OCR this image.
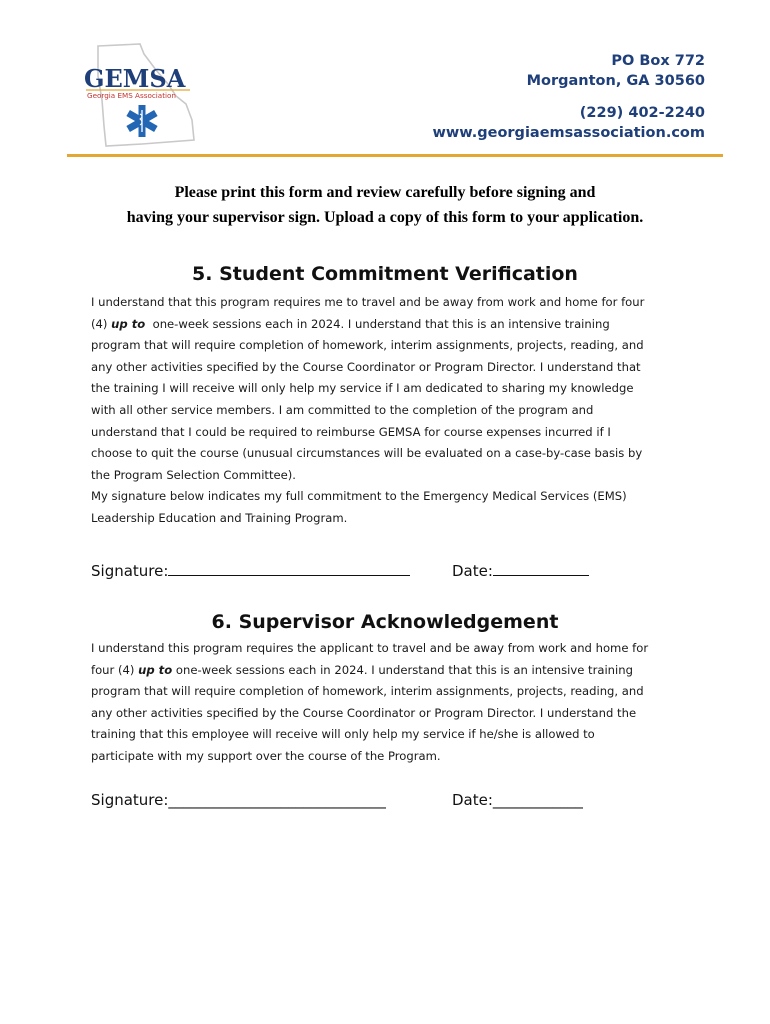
GEMSA
Georgia EMS Association
PO Box 772
Morganton, GA 30560
(229) 402-2240
www.georgiaemsassociation.com
Please print this form and review carefully before signing and
having your supervisor sign. Upload a copy of this form to your application.
5. Student Commitment Verification
I understand that this program requires me to travel and be away from work and home for four
(4) up to one-week sessions each in 2024. I understand that this is an intensive training
program that will require completion of homework, interim assignments, projects, reading, and
any other activities specified by the Course Coordinator or Program Director. I understand that
the training I will receive will only help my service if I am dedicated to sharing my knowledge
with all other service members. I am committed to the completion of the program and
understand that I could be required to reimburse GEMSA for course expenses incurred if I
choose to quit the course (unusual circumstances will be evaluated on a case-by-case basis by
the Program Selection Committee).
My signature below indicates my full commitment to the Emergency Medical Services (EMS)
Leadership Education and Training Program.
Signature:	Date:
6. Supervisor Acknowledgement
I understand this program requires the applicant to travel and be away from work and home for
four (4) up to one-week sessions each in 2024. I understand that this is an intensive training
program that will require completion of homework, interim assignments, projects, reading, and
any other activities specified by the Course Coordinator or Program Director. I understand the
training that this employee will receive will only help my service if he/she is allowed to
participate with my support over the course of the Program.
Signature:_____________________________	Date:____________
